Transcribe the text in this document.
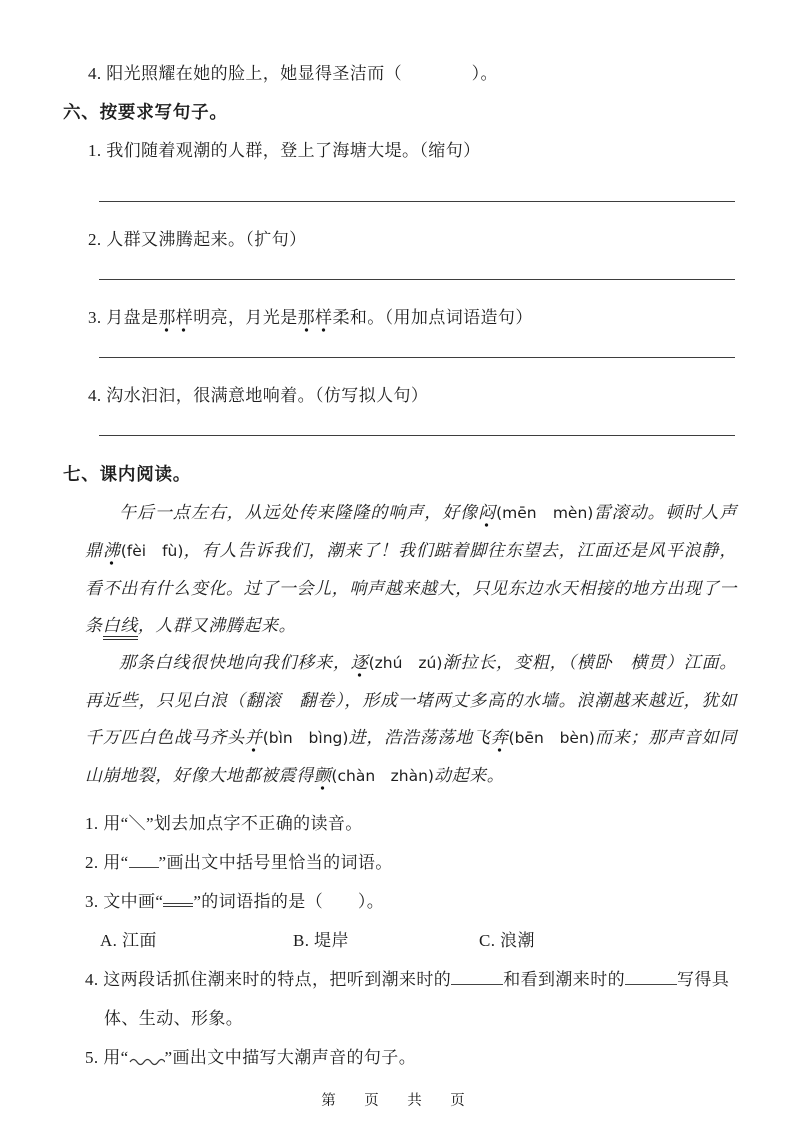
4. 阳光照耀在她的脸上，她显得圣洁而（　　　　）。
六、按要求写句子。
1. 我们随着观潮的人群，登上了海塘大堤。（缩句）
2. 人群又沸腾起来。（扩句）
3. 月盘是那样明亮，月光是那样柔和。（用加点词语造句）
4. 沟水汩汩，很满意地响着。（仿写拟人句）
七、课内阅读。

午后一点左右，从远处传来隆隆的响声，好像闷(mēn　mèn)雷滚动。顿时人声鼎沸(fèi　fù)，有人告诉我们，潮来了！我们踮着脚往东望去，江面还是风平浪静，看不出有什么变化。过了一会儿，响声越来越大，只见东边水天相接的地方出现了一条白线，人群又沸腾起来。

那条白线很快地向我们移来，逐(zhú　zú)渐拉长，变粗，（横卧　横贯）江面。再近些，只见白浪（翻滚　翻卷），形成一堵两丈多高的水墙。浪潮越来越近，犹如千万匹白色战马齐头并(bìn　bìng)进，浩浩荡荡地飞奔(bēn　bèn)而来；那声音如同山崩地裂，好像大地都被震得颤(chàn　zhàn)动起来。

1. 用“＼”划去加点字不正确的读音。
2. 用“ ”画出文中括号里恰当的词语。
3. 文中画“ ”的词语指的是（　　）。
A. 江面	B. 堤岸	C. 浪潮
4. 这两段话抓住潮来时的特点，把听到潮来时的	和看到潮来时的	写得具体、生动、形象。
5. 用“ ”画出文中描写大潮声音的句子。
第　页　共　页
